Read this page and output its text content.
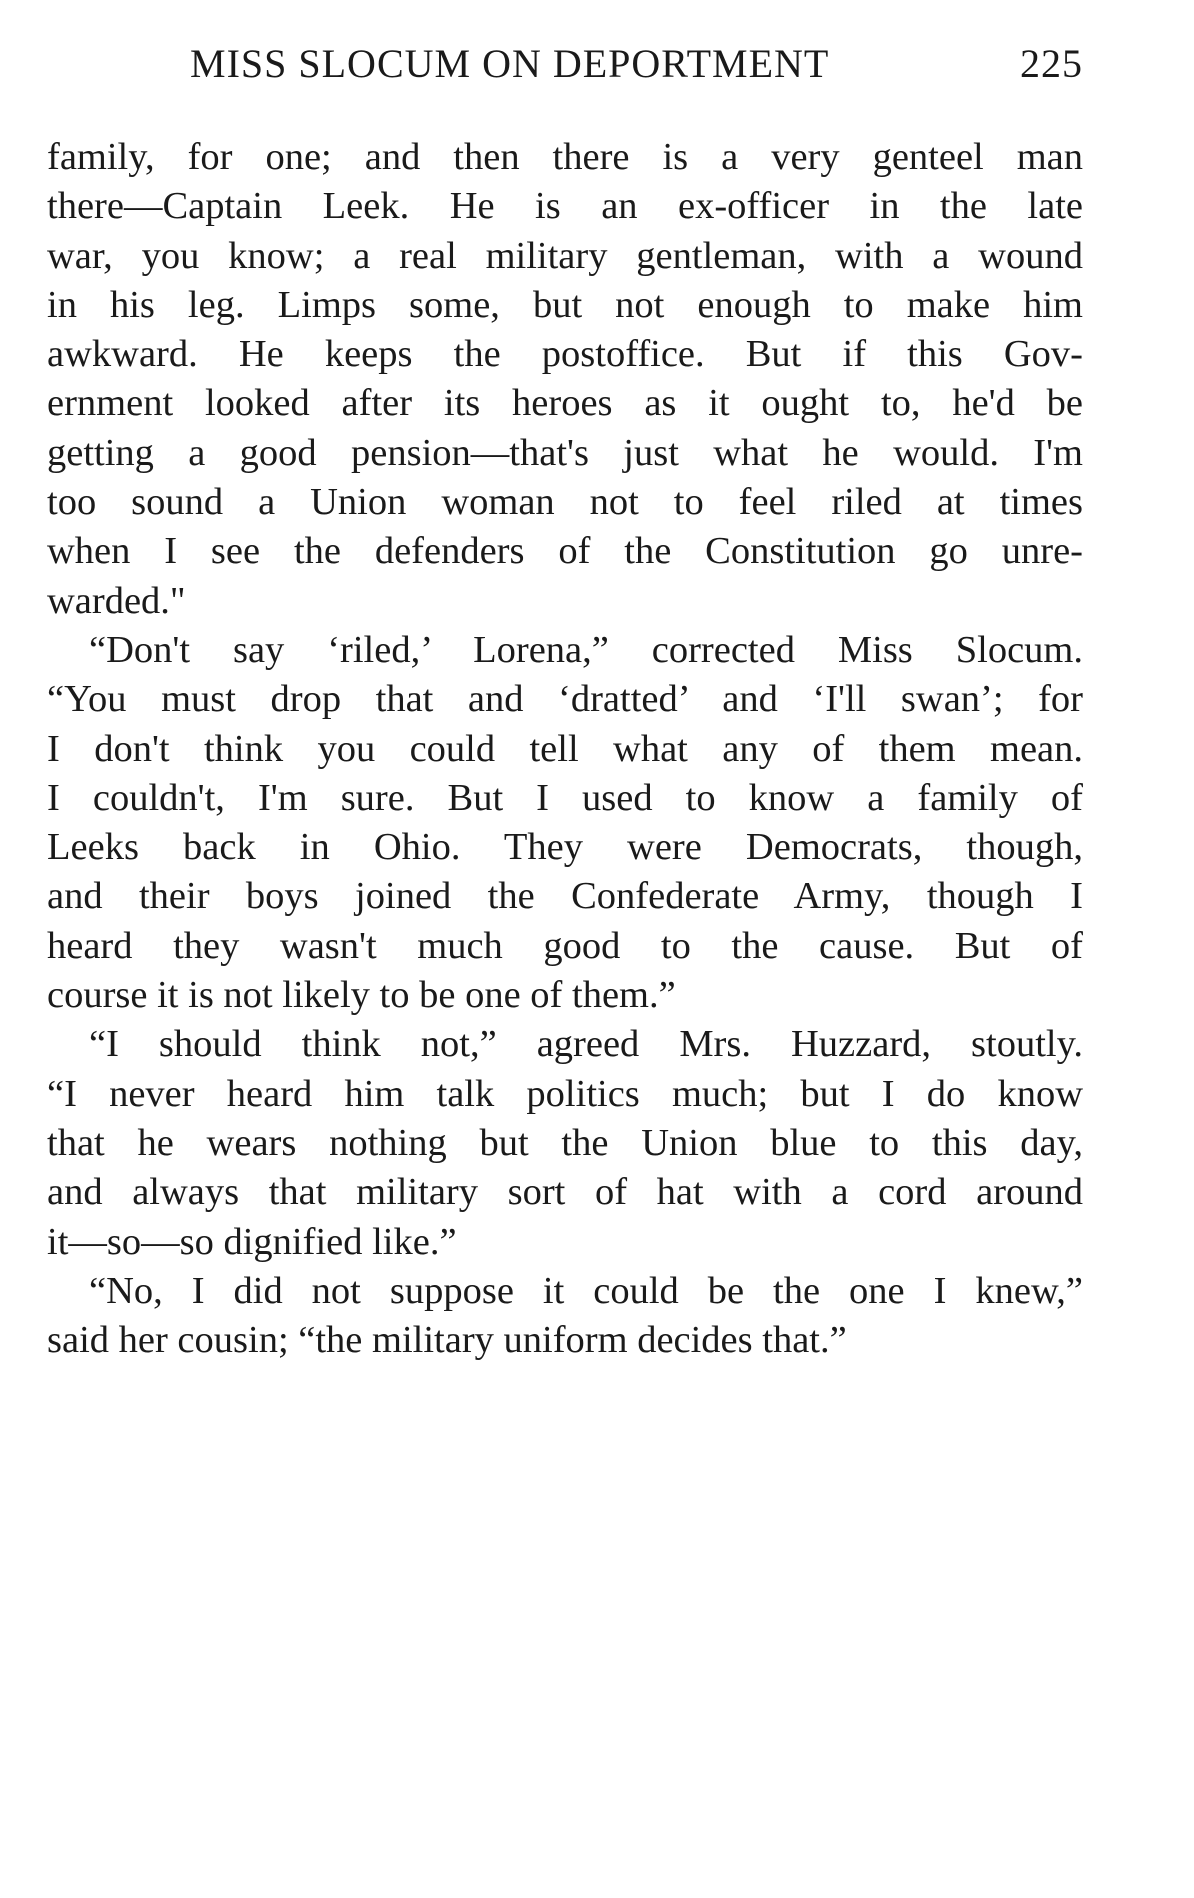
MISS SLOCUM ON DEPORTMENT	225
family, for one; and then there is a very genteel man
there—Captain Leek. He is an ex-officer in the late
war, you know; a real military gentleman, with a wound
in his leg. Limps some, but not enough to make him
awkward. He keeps the postoffice. But if this Gov-
ernment looked after its heroes as it ought to, he'd be
getting a good pension—that's just what he would. I'm
too sound a Union woman not to feel riled at times
when I see the defenders of the Constitution go unre-
warded."
“Don't say ‘riled,’ Lorena,” corrected Miss Slocum.
“You must drop that and ‘dratted’ and ‘I'll swan’; for
I don't think you could tell what any of them mean.
I couldn't, I'm sure. But I used to know a family of
Leeks back in Ohio. They were Democrats, though,
and their boys joined the Confederate Army, though I
heard they wasn't much good to the cause. But of
course it is not likely to be one of them.”
“I should think not,” agreed Mrs. Huzzard, stoutly.
“I never heard him talk politics much; but I do know
that he wears nothing but the Union blue to this day,
and always that military sort of hat with a cord around
it—so—so dignified like.”
“No, I did not suppose it could be the one I knew,”
said her cousin; “the military uniform decides that.”
